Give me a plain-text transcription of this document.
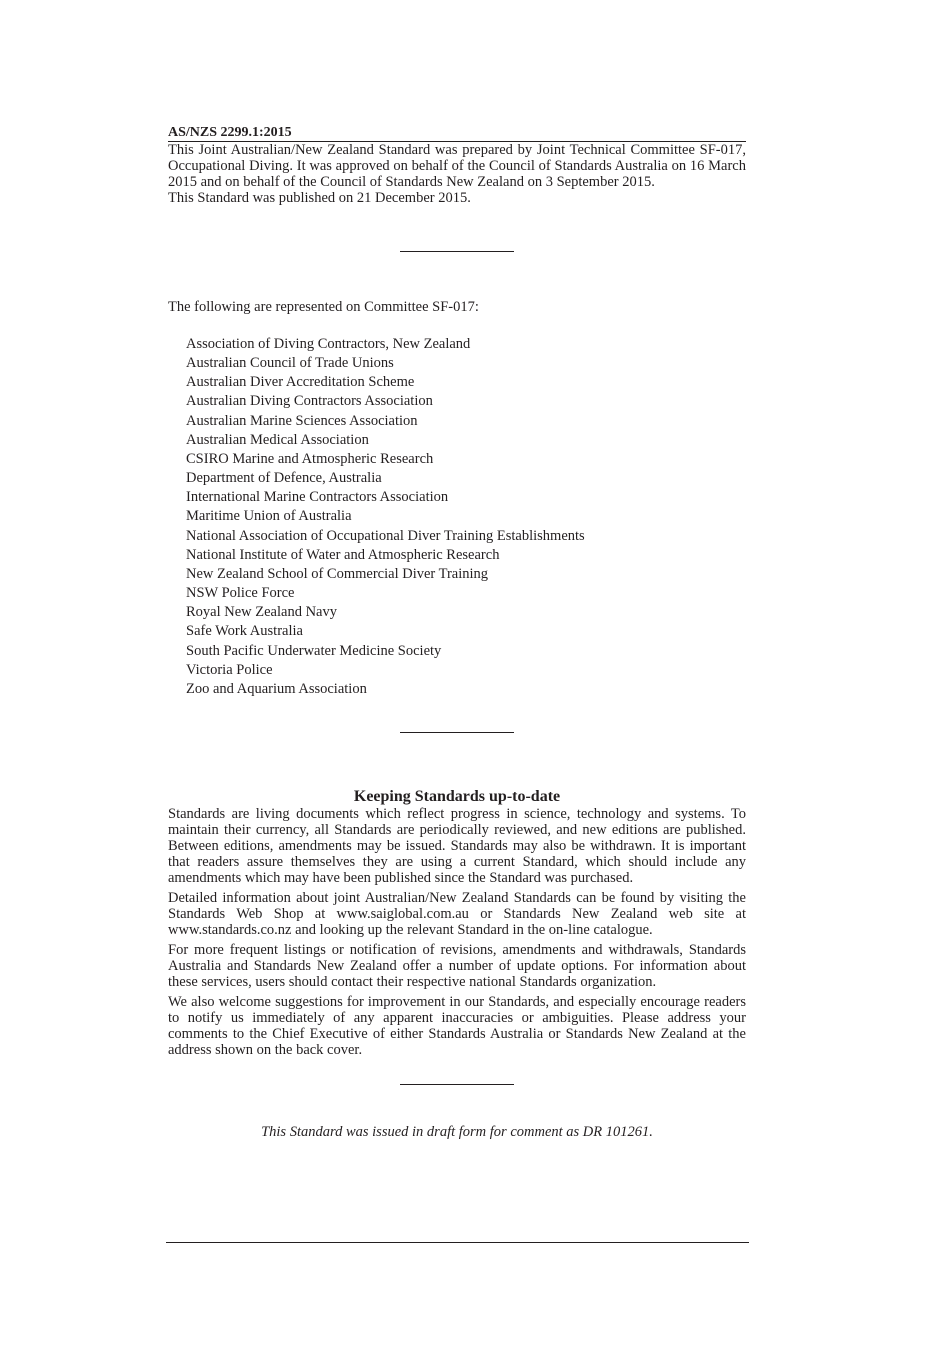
AS/NZS 2299.1:2015

This Joint Australian/New Zealand Standard was prepared by Joint Technical Committee SF-017, Occupational Diving. It was approved on behalf of the Council of Standards Australia on 16 March 2015 and on behalf of the Council of Standards New Zealand on 3 September 2015.

This Standard was published on 21 December 2015.

The following are represented on Committee SF-017:

Association of Diving Contractors, New Zealand
Australian Council of Trade Unions
Australian Diver Accreditation Scheme
Australian Diving Contractors Association
Australian Marine Sciences Association
Australian Medical Association
CSIRO Marine and Atmospheric Research
Department of Defence, Australia
International Marine Contractors Association
Maritime Union of Australia
National Association of Occupational Diver Training Establishments
National Institute of Water and Atmospheric Research
New Zealand School of Commercial Diver Training
NSW Police Force
Royal New Zealand Navy
Safe Work Australia
South Pacific Underwater Medicine Society
Victoria Police
Zoo and Aquarium Association
Keeping Standards up-to-date

Standards are living documents which reflect progress in science, technology and systems. To maintain their currency, all Standards are periodically reviewed, and new editions are published. Between editions, amendments may be issued. Standards may also be withdrawn. It is important that readers assure themselves they are using a current Standard, which should include any amendments which may have been published since the Standard was purchased.

Detailed information about joint Australian/New Zealand Standards can be found by visiting the Standards Web Shop at www.saiglobal.com.au or Standards New Zealand web site at www.standards.co.nz and looking up the relevant Standard in the on-line catalogue.

For more frequent listings or notification of revisions, amendments and withdrawals, Standards Australia and Standards New Zealand offer a number of update options. For information about these services, users should contact their respective national Standards organization.

We also welcome suggestions for improvement in our Standards, and especially encourage readers to notify us immediately of any apparent inaccuracies or ambiguities. Please address your comments to the Chief Executive of either Standards Australia or Standards New Zealand at the address shown on the back cover.

This Standard was issued in draft form for comment as DR 101261.
